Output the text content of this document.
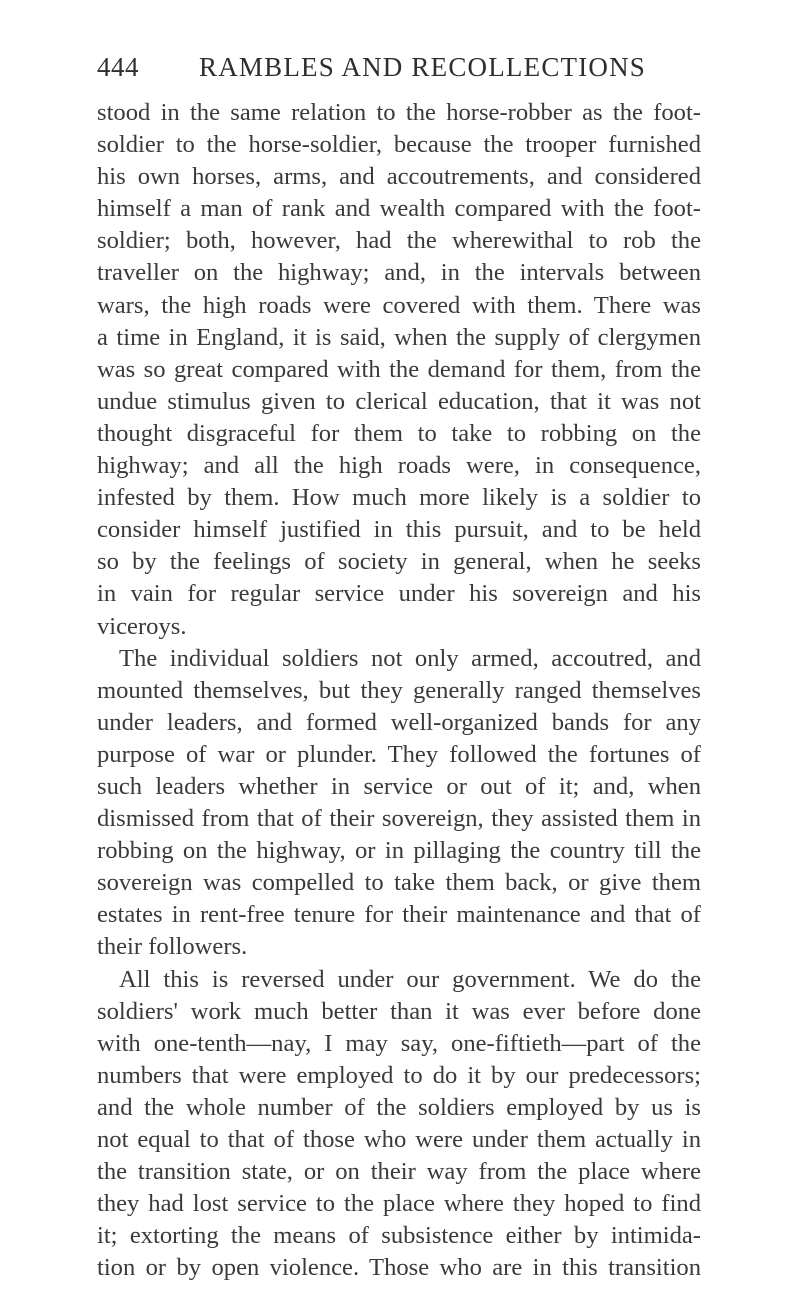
444 RAMBLES AND RECOLLECTIONS
stood in the same relation to the horse-robber as the foot-
soldier to the horse-soldier, because the trooper furnished
his own horses, arms, and accoutrements, and considered
himself a man of rank and wealth compared with the foot-
soldier; both, however, had the wherewithal to rob the
traveller on the highway; and, in the intervals between
wars, the high roads were covered with them. There was
a time in England, it is said, when the supply of clergymen
was so great compared with the demand for them, from the
undue stimulus given to clerical education, that it was not
thought disgraceful for them to take to robbing on the
highway; and all the high roads were, in consequence,
infested by them. How much more likely is a soldier to
consider himself justified in this pursuit, and to be held
so by the feelings of society in general, when he seeks
in vain for regular service under his sovereign and his
viceroys.
The individual soldiers not only armed, accoutred, and
mounted themselves, but they generally ranged themselves
under leaders, and formed well-organized bands for any
purpose of war or plunder. They followed the fortunes of
such leaders whether in service or out of it; and, when
dismissed from that of their sovereign, they assisted them in
robbing on the highway, or in pillaging the country till the
sovereign was compelled to take them back, or give them
estates in rent-free tenure for their maintenance and that of
their followers.
All this is reversed under our government. We do the
soldiers' work much better than it was ever before done
with one-tenth—nay, I may say, one-fiftieth—part of the
numbers that were employed to do it by our predecessors;
and the whole number of the soldiers employed by us is
not equal to that of those who were under them actually in
the transition state, or on their way from the place where
they had lost service to the place where they hoped to find
it; extorting the means of subsistence either by intimida-
tion or by open violence. Those who are in this transition
